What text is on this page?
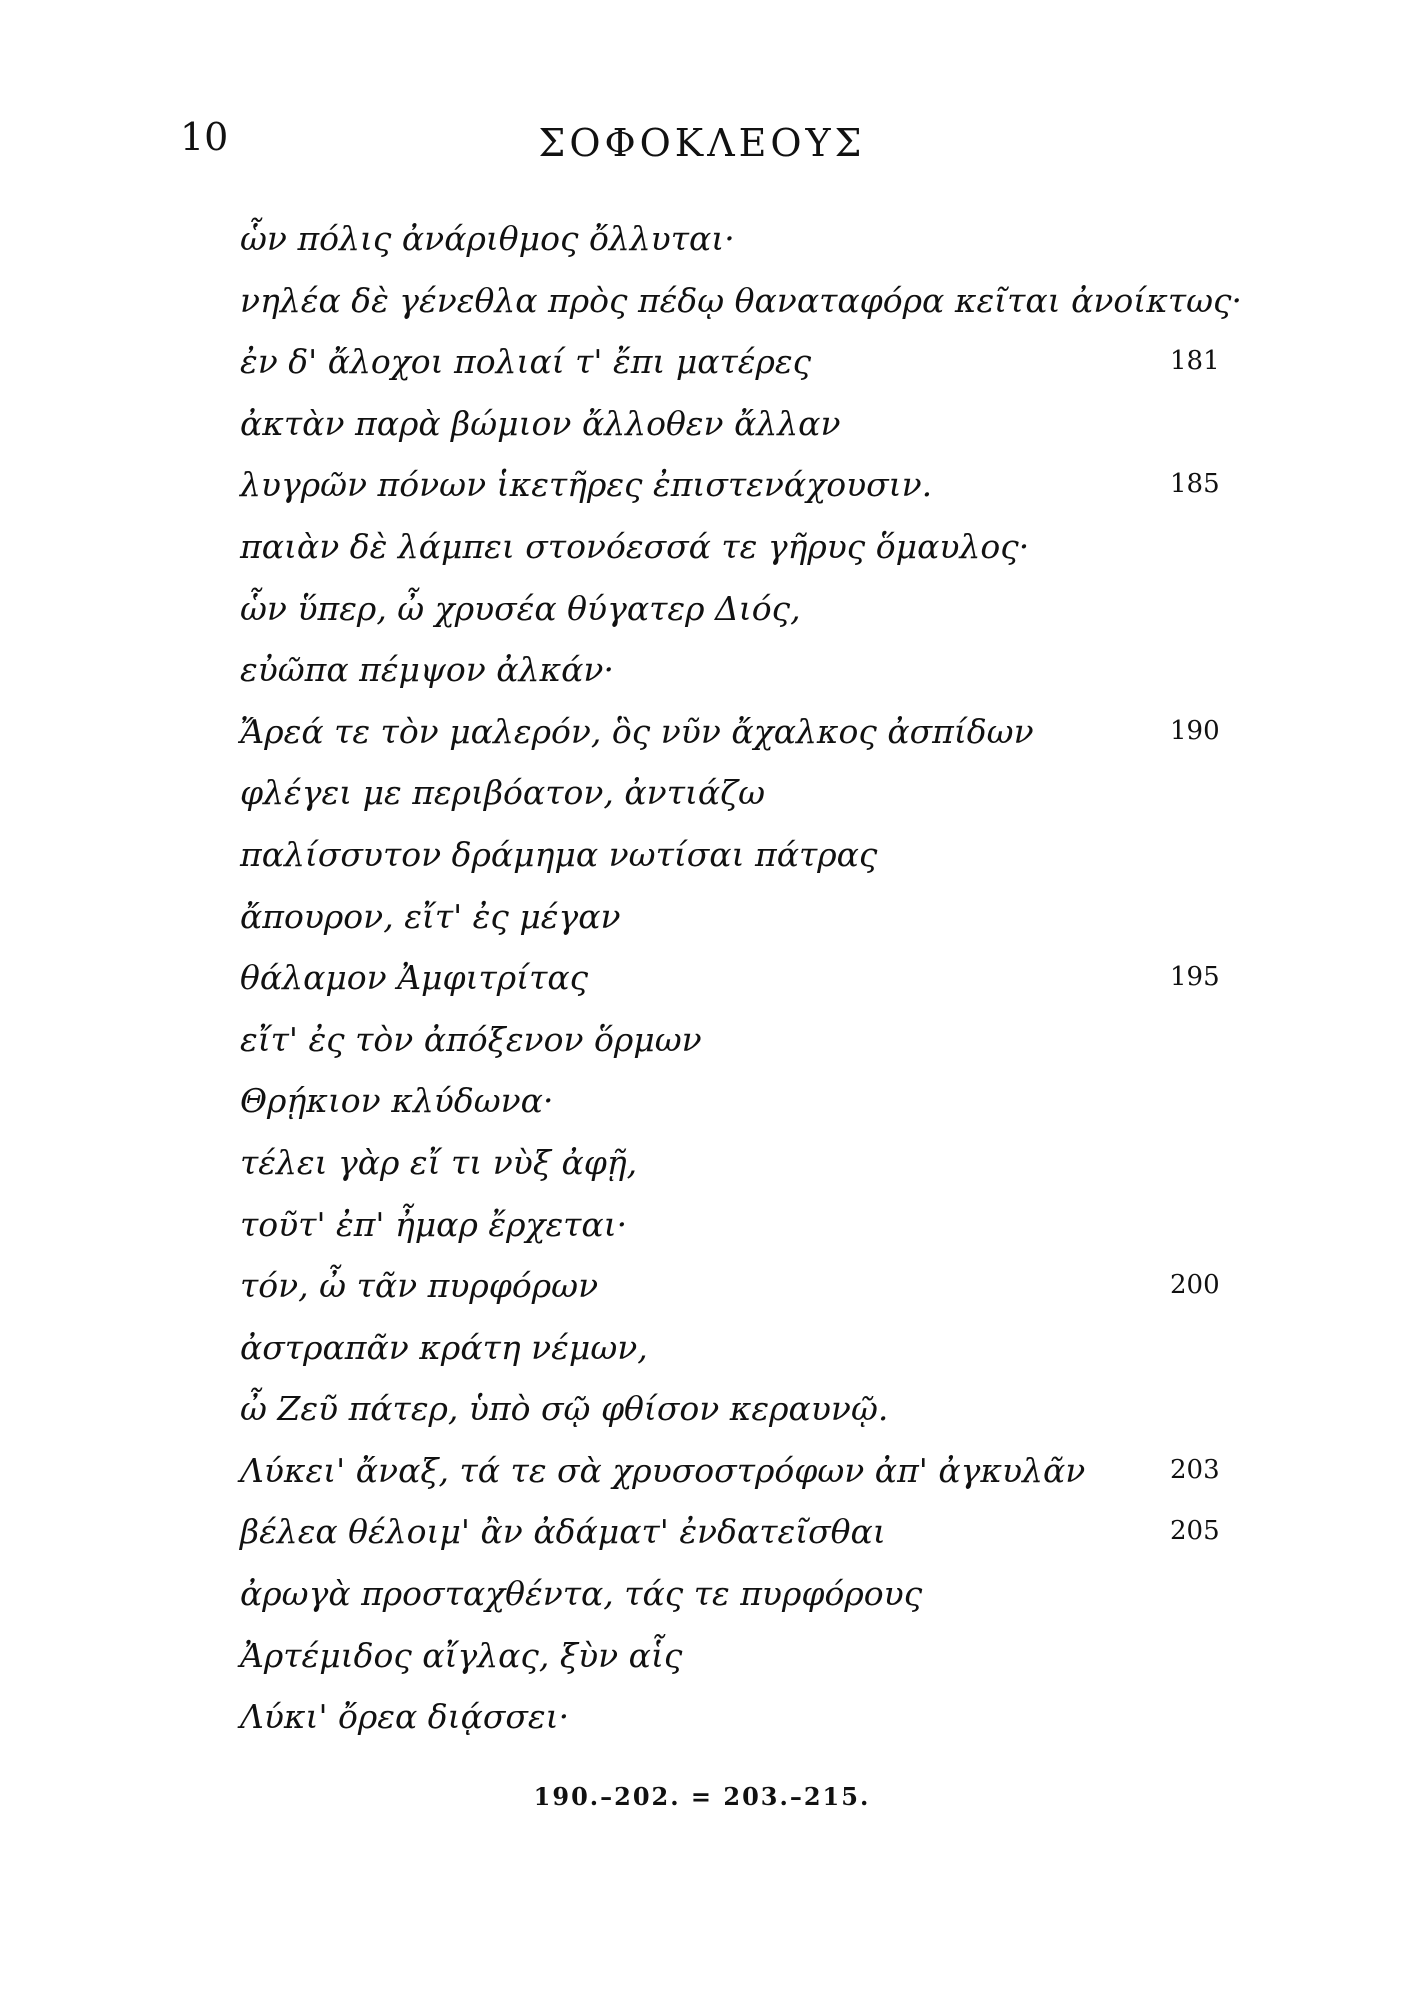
10	ΣΟΦΟΚΛΕΟΥΣ
ὧν πόλις ἀνάριθμος ὄλλυται·
νηλέα δὲ γένεθλα πρὸς πέδῳ θαναταφόρα κεῖται ἀνοίκτως·
ἐν δ' ἄλοχοι πολιαί τ' ἔπι ματέρες	181
ἀκτὰν παρὰ βώμιον ἄλλοθεν ἄλλαν
λυγρῶν πόνων ἱκετῆρες ἐπιστενάχουσιν.	185
παιὰν δὲ λάμπει στονόεσσά τε γῆρυς ὅμαυλος·
ὧν ὕπερ, ὦ χρυσέα θύγατερ Διός,
εὐῶπα πέμψον ἀλκάν·
Ἄρεά τε τὸν μαλερόν, ὃς νῦν ἄχαλκος ἀσπίδων	190
φλέγει με περιβόατον, ἀντιάζω
παλίσσυτον δράμημα νωτίσαι πάτρας
ἄπουρον, εἴτ' ἐς μέγαν
θάλαμον Ἀμφιτρίτας	195
εἴτ' ἐς τὸν ἀπόξενον ὅρμων
Θρῄκιον κλύδωνα·
τέλει γὰρ εἴ τι νὺξ ἀφῇ,
τοῦτ' ἐπ' ἦμαρ ἔρχεται·
τόν, ὦ τᾶν πυρφόρων	200
ἀστραπᾶν κράτη νέμων,
ὦ Ζεῦ πάτερ, ὑπὸ σῷ φθίσον κεραυνῷ.
Λύκει' ἄναξ, τά τε σὰ χρυσοστρόφων ἀπ' ἀγκυλᾶν	203
βέλεα θέλοιμ' ἂν ἀδάματ' ἐνδατεῖσθαι	205
ἀρωγὰ προσταχθέντα, τάς τε πυρφόρους
Ἀρτέμιδος αἴγλας, ξὺν αἷς
Λύκι' ὄρεα διᾴσσει·
190.–202. = 203.–215.
